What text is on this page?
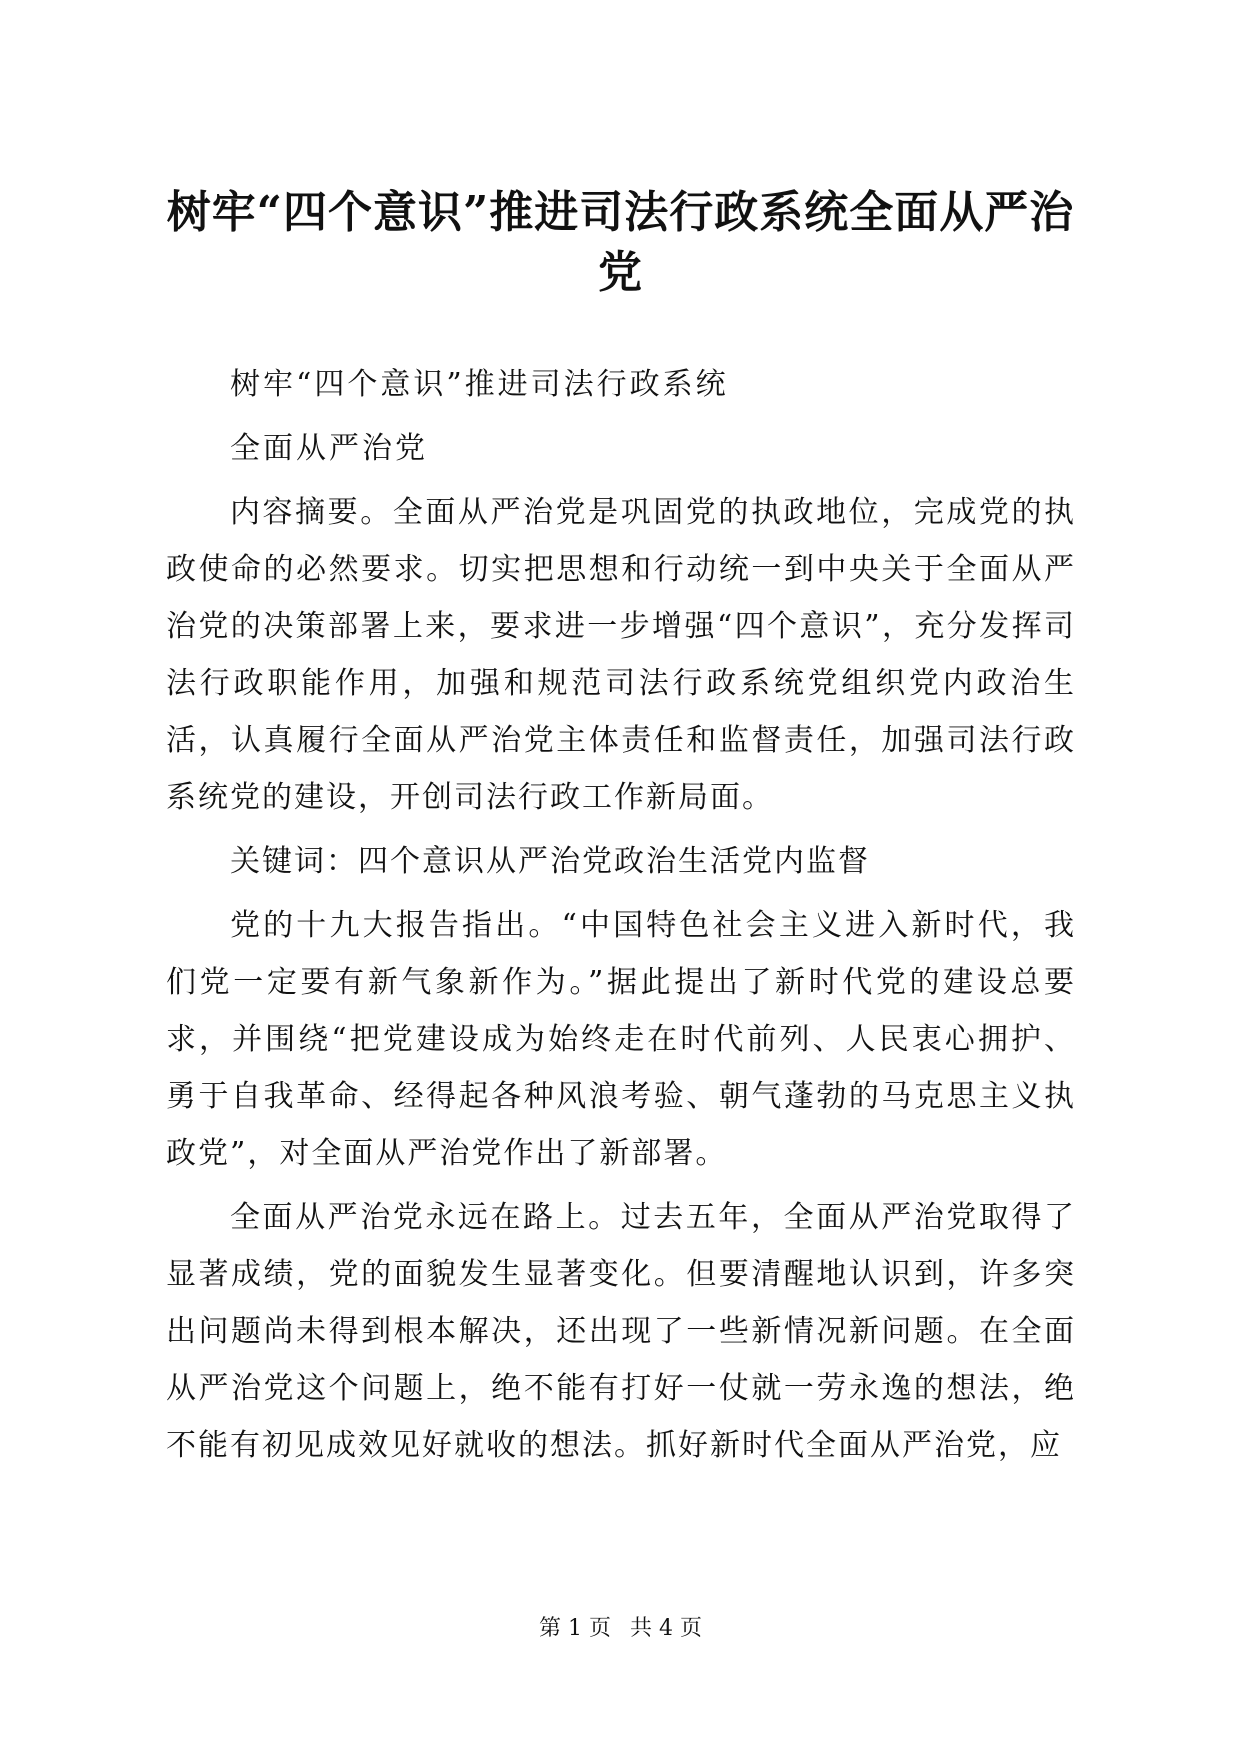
树牢“四个意识”推进司法行政系统全面从严治党

树牢“四个意识”推进司法行政系统

全面从严治党

内容摘要。全面从严治党是巩固党的执政地位，完成党的执政使命的必然要求。切实把思想和行动统一到中央关于全面从严治党的决策部署上来，要求进一步增强“四个意识”，充分发挥司法行政职能作用，加强和规范司法行政系统党组织党内政治生活，认真履行全面从严治党主体责任和监督责任，加强司法行政系统党的建设，开创司法行政工作新局面。

关键词：四个意识从严治党政治生活党内监督

党的十九大报告指出。“中国特色社会主义进入新时代，我们党一定要有新气象新作为。”据此提出了新时代党的建设总要求，并围绕“把党建设成为始终走在时代前列、人民衷心拥护、勇于自我革命、经得起各种风浪考验、朝气蓬勃的马克思主义执政党”，对全面从严治党作出了新部署。

全面从严治党永远在路上。过去五年，全面从严治党取得了显著成绩，党的面貌发生显著变化。但要清醒地认识到，许多突出问题尚未得到根本解决，还出现了一些新情况新问题。在全面从严治党这个问题上，绝不能有打好一仗就一劳永逸的想法，绝不能有初见成效见好就收的想法。抓好新时代全面从严治党，应

第 1 页 共 4 页
